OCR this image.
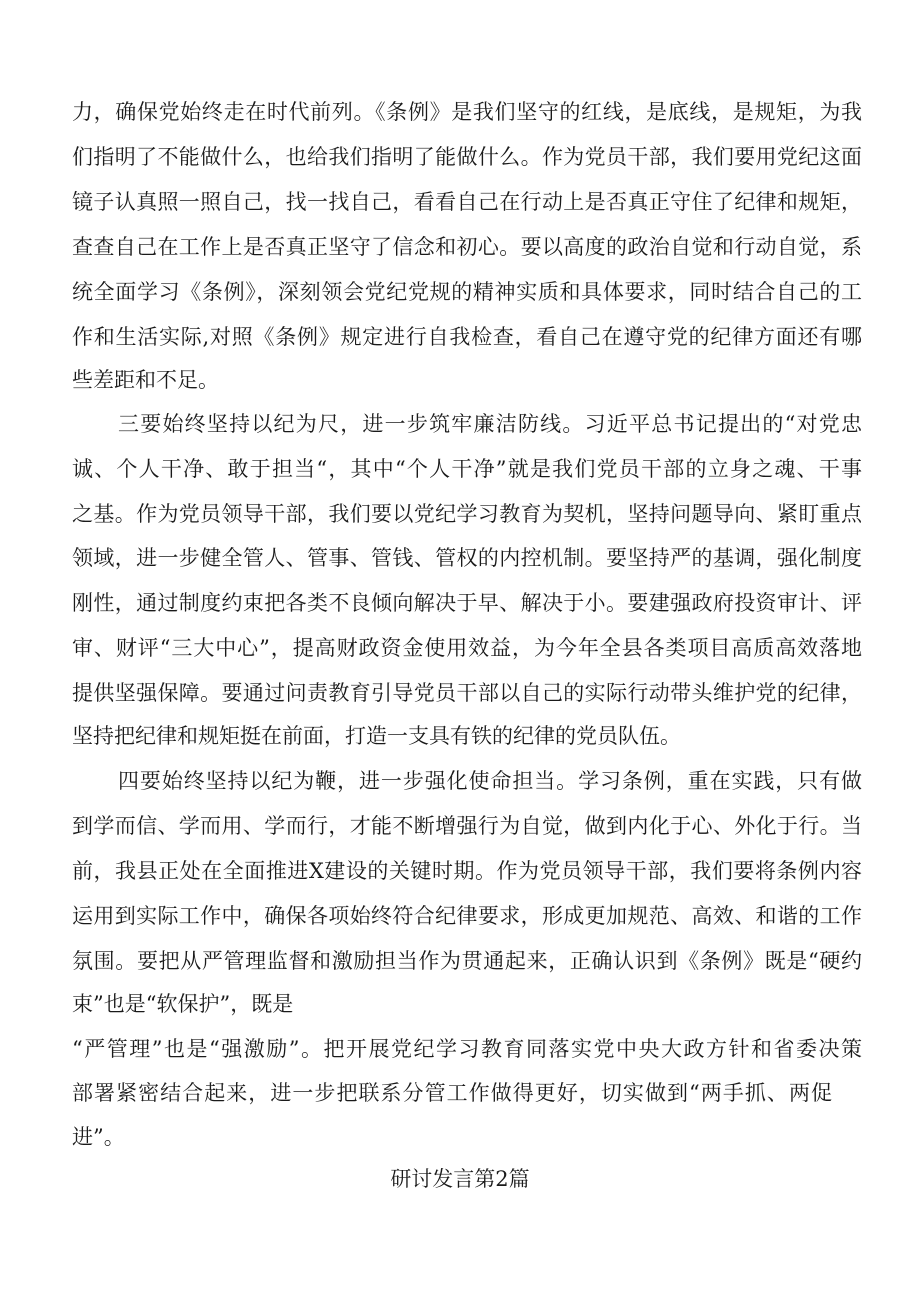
力，确保党始终走在时代前列。《条例》是我们坚守的红线，是底线，是规矩，为我
们指明了不能做什么，也给我们指明了能做什么。作为党员干部，我们要用党纪这面
镜子认真照一照自己，找一找自己，看看自己在行动上是否真正守住了纪律和规矩，
查查自己在工作上是否真正坚守了信念和初心。要以高度的政治自觉和行动自觉，系
统全面学习《条例》，深刻领会党纪党规的精神实质和具体要求，同时结合自己的工
作和生活实际,对照《条例》规定进行自我检查，看自己在遵守党的纪律方面还有哪
些差距和不足。
三要始终坚持以纪为尺，进一步筑牢廉洁防线。习近平总书记提出的“对党忠
诚、个人干净、敢于担当“，其中“个人干净”就是我们党员干部的立身之魂、干事
之基。作为党员领导干部，我们要以党纪学习教育为契机，坚持问题导向、紧盯重点
领域，进一步健全管人、管事、管钱、管权的内控机制。要坚持严的基调，强化制度
刚性，通过制度约束把各类不良倾向解决于早、解决于小。要建强政府投资审计、评
审、财评“三大中心”，提高财政资金使用效益，为今年全县各类项目高质高效落地
提供坚强保障。要通过问责教育引导党员干部以自己的实际行动带头维护党的纪律，
坚持把纪律和规矩挺在前面，打造一支具有铁的纪律的党员队伍。
四要始终坚持以纪为鞭，进一步强化使命担当。学习条例，重在实践，只有做
到学而信、学而用、学而行，才能不断增强行为自觉，做到内化于心、外化于行。当
前，我县正处在全面推进X建设的关键时期。作为党员领导干部，我们要将条例内容
运用到实际工作中，确保各项始终符合纪律要求，形成更加规范、高效、和谐的工作
氛围。要把从严管理监督和激励担当作为贯通起来，正确认识到《条例》既是“硬约
束”也是“软保护”，既是
“严管理”也是“强激励”。把开展党纪学习教育同落实党中央大政方针和省委决策
部署紧密结合起来，进一步把联系分管工作做得更好，切实做到“两手抓、两促
进”。
研讨发言第2篇
